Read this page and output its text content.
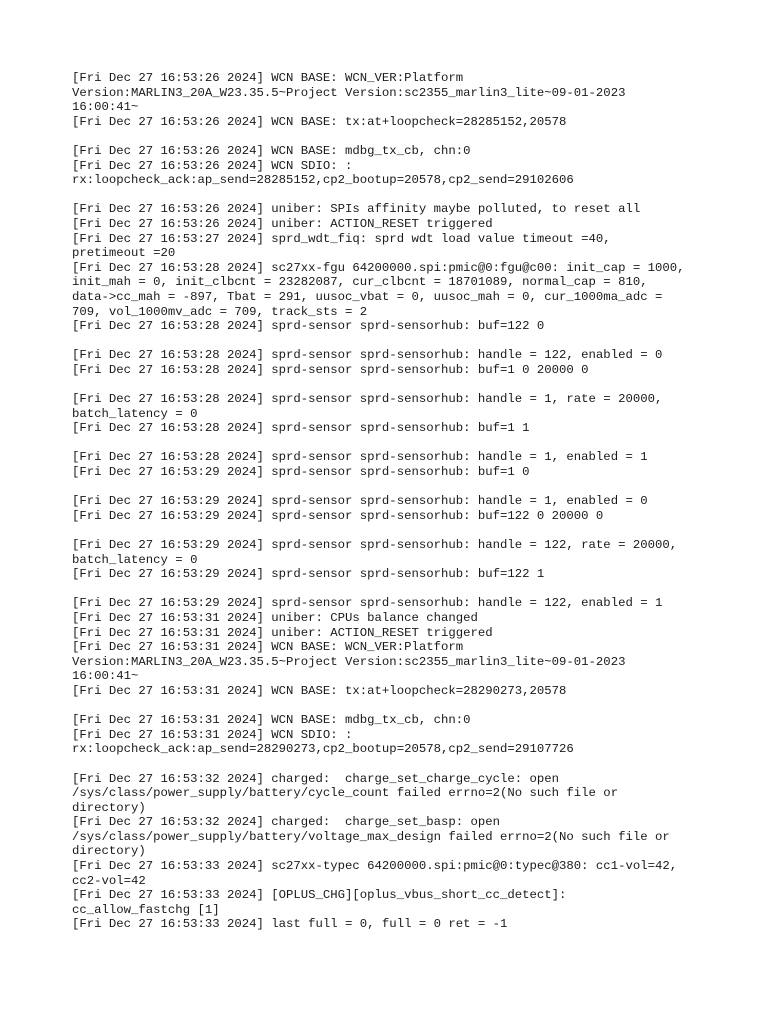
[Fri Dec 27 16:53:26 2024] WCN BASE: WCN_VER:Platform
Version:MARLIN3_20A_W23.35.5~Project Version:sc2355_marlin3_lite~09-01-2023
16:00:41~
[Fri Dec 27 16:53:26 2024] WCN BASE: tx:at+loopcheck=28285152,20578
[Fri Dec 27 16:53:26 2024] WCN BASE: mdbg_tx_cb, chn:0
[Fri Dec 27 16:53:26 2024] WCN SDIO: :
rx:loopcheck_ack:ap_send=28285152,cp2_bootup=20578,cp2_send=29102606
[Fri Dec 27 16:53:26 2024] uniber: SPIs affinity maybe polluted, to reset all
[Fri Dec 27 16:53:26 2024] uniber: ACTION_RESET triggered
[Fri Dec 27 16:53:27 2024] sprd_wdt_fiq: sprd wdt load value timeout =40,
pretimeout =20
[Fri Dec 27 16:53:28 2024] sc27xx-fgu 64200000.spi:pmic@0:fgu@c00: init_cap = 1000,
init_mah = 0, init_clbcnt = 23282087, cur_clbcnt = 18701089, normal_cap = 810,
data->cc_mah = -897, Tbat = 291, uusoc_vbat = 0, uusoc_mah = 0, cur_1000ma_adc =
709, vol_1000mv_adc = 709, track_sts = 2
[Fri Dec 27 16:53:28 2024] sprd-sensor sprd-sensorhub: buf=122 0
[Fri Dec 27 16:53:28 2024] sprd-sensor sprd-sensorhub: handle = 122, enabled = 0
[Fri Dec 27 16:53:28 2024] sprd-sensor sprd-sensorhub: buf=1 0 20000 0
[Fri Dec 27 16:53:28 2024] sprd-sensor sprd-sensorhub: handle = 1, rate = 20000,
batch_latency = 0
[Fri Dec 27 16:53:28 2024] sprd-sensor sprd-sensorhub: buf=1 1
[Fri Dec 27 16:53:28 2024] sprd-sensor sprd-sensorhub: handle = 1, enabled = 1
[Fri Dec 27 16:53:29 2024] sprd-sensor sprd-sensorhub: buf=1 0
[Fri Dec 27 16:53:29 2024] sprd-sensor sprd-sensorhub: handle = 1, enabled = 0
[Fri Dec 27 16:53:29 2024] sprd-sensor sprd-sensorhub: buf=122 0 20000 0
[Fri Dec 27 16:53:29 2024] sprd-sensor sprd-sensorhub: handle = 122, rate = 20000,
batch_latency = 0
[Fri Dec 27 16:53:29 2024] sprd-sensor sprd-sensorhub: buf=122 1
[Fri Dec 27 16:53:29 2024] sprd-sensor sprd-sensorhub: handle = 122, enabled = 1
[Fri Dec 27 16:53:31 2024] uniber: CPUs balance changed
[Fri Dec 27 16:53:31 2024] uniber: ACTION_RESET triggered
[Fri Dec 27 16:53:31 2024] WCN BASE: WCN_VER:Platform
Version:MARLIN3_20A_W23.35.5~Project Version:sc2355_marlin3_lite~09-01-2023
16:00:41~
[Fri Dec 27 16:53:31 2024] WCN BASE: tx:at+loopcheck=28290273,20578
[Fri Dec 27 16:53:31 2024] WCN BASE: mdbg_tx_cb, chn:0
[Fri Dec 27 16:53:31 2024] WCN SDIO: :
rx:loopcheck_ack:ap_send=28290273,cp2_bootup=20578,cp2_send=29107726
[Fri Dec 27 16:53:32 2024] charged:  charge_set_charge_cycle: open
/sys/class/power_supply/battery/cycle_count failed errno=2(No such file or
directory)
[Fri Dec 27 16:53:32 2024] charged:  charge_set_basp: open
/sys/class/power_supply/battery/voltage_max_design failed errno=2(No such file or
directory)
[Fri Dec 27 16:53:33 2024] sc27xx-typec 64200000.spi:pmic@0:typec@380: cc1-vol=42,
cc2-vol=42
[Fri Dec 27 16:53:33 2024] [OPLUS_CHG][oplus_vbus_short_cc_detect]:
cc_allow_fastchg [1]
[Fri Dec 27 16:53:33 2024] last full = 0, full = 0 ret = -1
